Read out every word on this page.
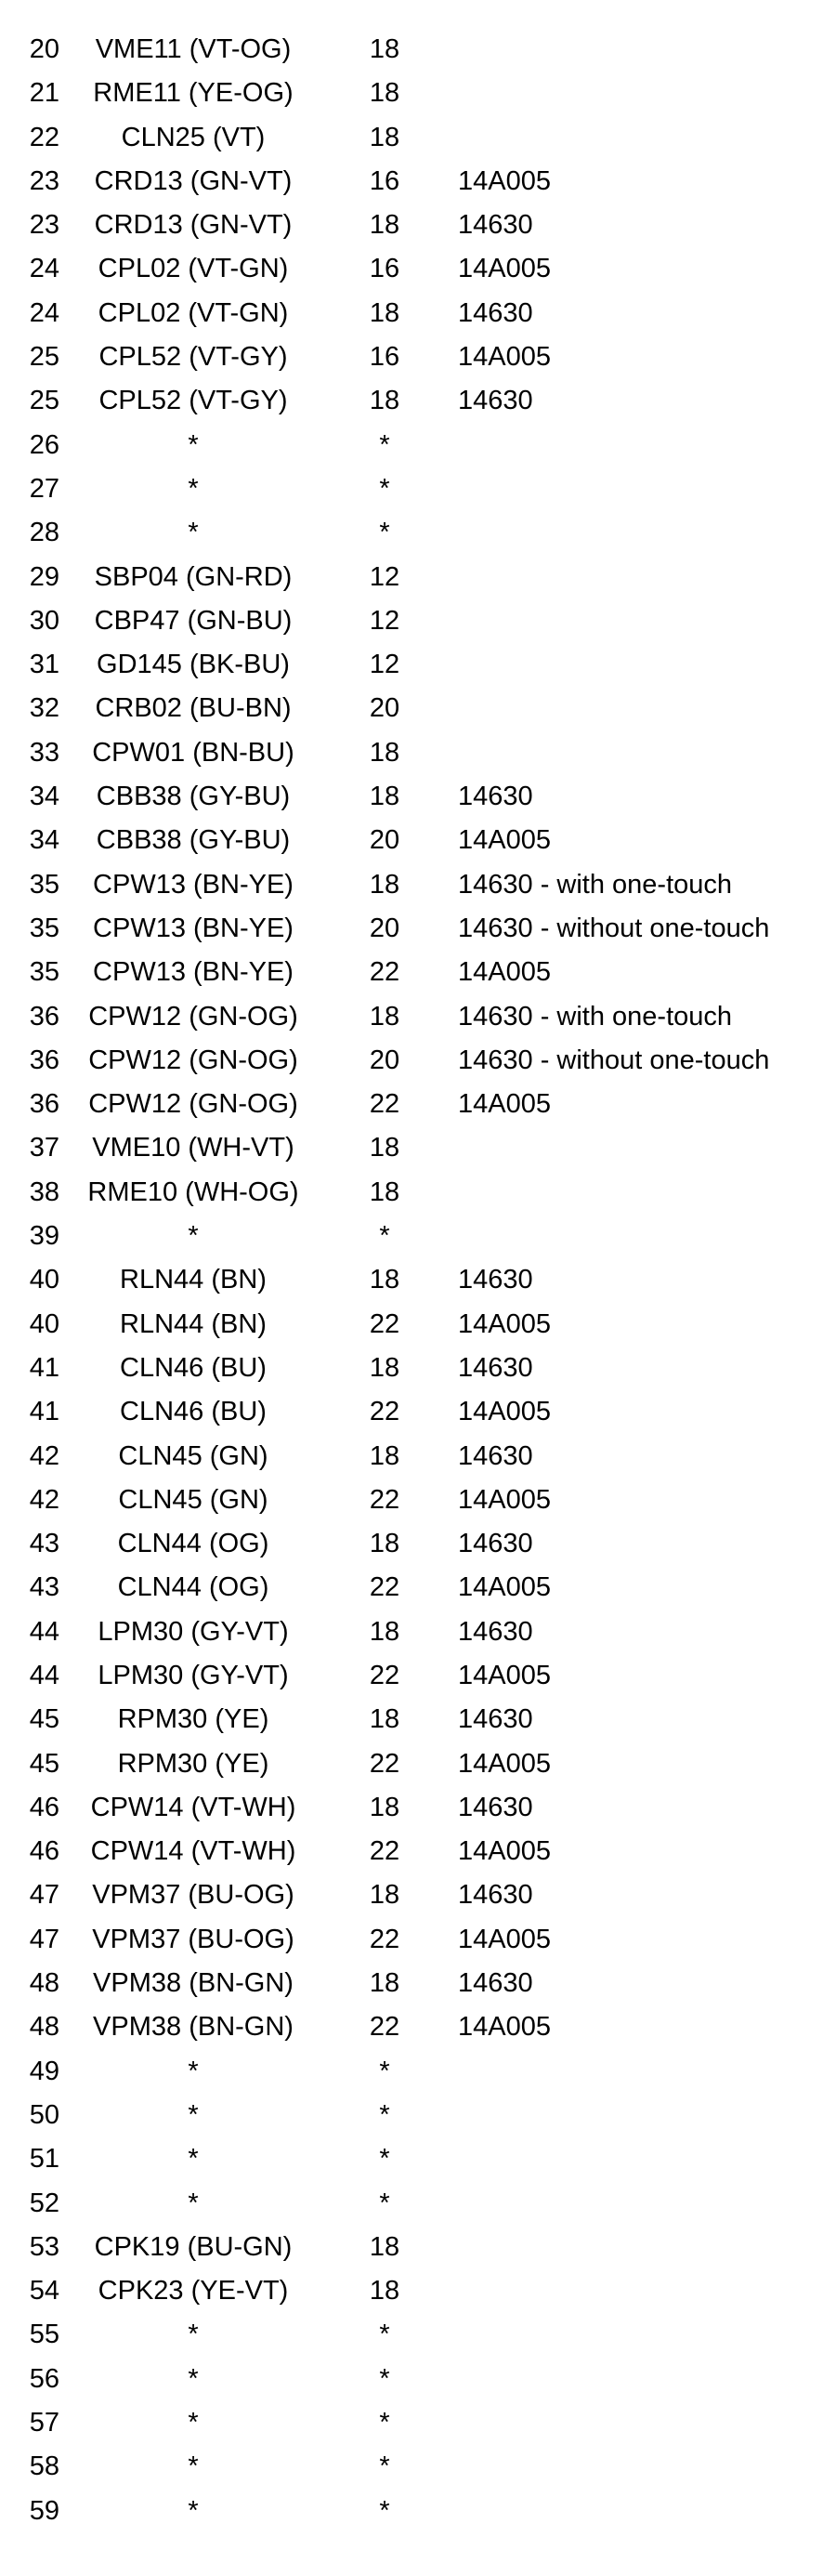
20	VME11 (VT-OG)	18
21	RME11 (YE-OG)	18
22	CLN25 (VT)	18
23	CRD13 (GN-VT)	16	14A005
23	CRD13 (GN-VT)	18	14630
24	CPL02 (VT-GN)	16	14A005
24	CPL02 (VT-GN)	18	14630
25	CPL52 (VT-GY)	16	14A005
25	CPL52 (VT-GY)	18	14630
26	*	*
27	*	*
28	*	*
29	SBP04 (GN-RD)	12
30	CBP47 (GN-BU)	12
31	GD145 (BK-BU)	12
32	CRB02 (BU-BN)	20
33	CPW01 (BN-BU)	18
34	CBB38 (GY-BU)	18	14630
34	CBB38 (GY-BU)	20	14A005
35	CPW13 (BN-YE)	18	14630 - with one-touch
35	CPW13 (BN-YE)	20	14630 - without one-touch
35	CPW13 (BN-YE)	22	14A005
36	CPW12 (GN-OG)	18	14630 - with one-touch
36	CPW12 (GN-OG)	20	14630 - without one-touch
36	CPW12 (GN-OG)	22	14A005
37	VME10 (WH-VT)	18
38	RME10 (WH-OG)	18
39	*	*
40	RLN44 (BN)	18	14630
40	RLN44 (BN)	22	14A005
41	CLN46 (BU)	18	14630
41	CLN46 (BU)	22	14A005
42	CLN45 (GN)	18	14630
42	CLN45 (GN)	22	14A005
43	CLN44 (OG)	18	14630
43	CLN44 (OG)	22	14A005
44	LPM30 (GY-VT)	18	14630
44	LPM30 (GY-VT)	22	14A005
45	RPM30 (YE)	18	14630
45	RPM30 (YE)	22	14A005
46	CPW14 (VT-WH)	18	14630
46	CPW14 (VT-WH)	22	14A005
47	VPM37 (BU-OG)	18	14630
47	VPM37 (BU-OG)	22	14A005
48	VPM38 (BN-GN)	18	14630
48	VPM38 (BN-GN)	22	14A005
49	*	*
50	*	*
51	*	*
52	*	*
53	CPK19 (BU-GN)	18
54	CPK23 (YE-VT)	18
55	*	*
56	*	*
57	*	*
58	*	*
59	*	*
